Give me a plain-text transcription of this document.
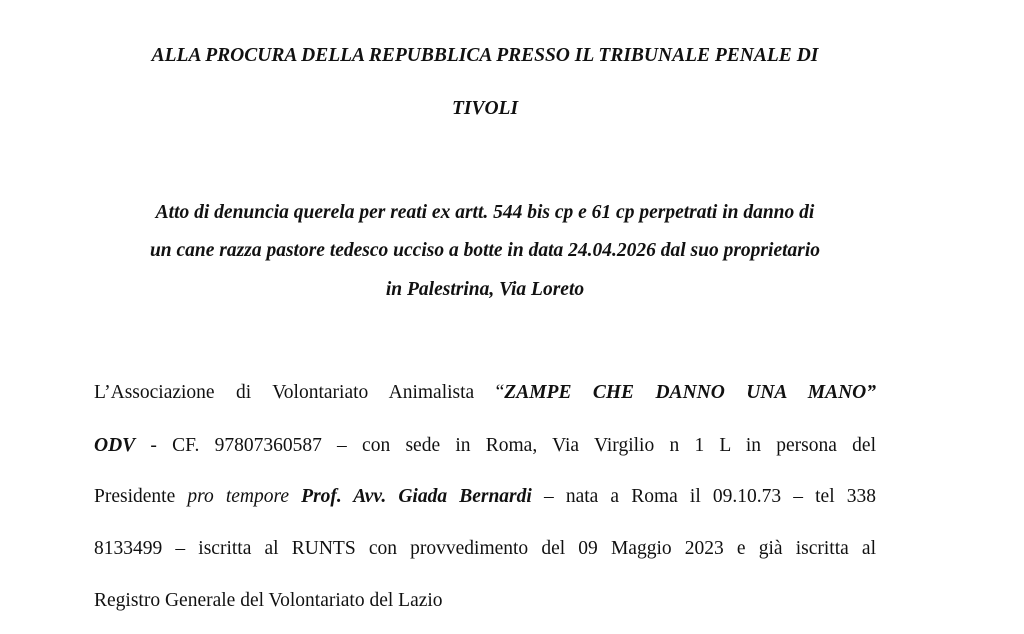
ALLA PROCURA DELLA REPUBBLICA PRESSO IL TRIBUNALE PENALE DI
TIVOLI
Atto di denuncia querela per reati ex artt. 544 bis cp e 61 cp perpetrati in danno di
un cane razza pastore tedesco ucciso a botte in data 24.04.2026 dal suo proprietario
in Palestrina, Via Loreto
L’Associazione di Volontariato Animalista “ZAMPE CHE DANNO UNA MANO”
ODV - CF. 97807360587 – con sede in Roma, Via Virgilio n 1 L in persona del
Presidente pro tempore Prof. Avv. Giada Bernardi – nata a Roma il 09.10.73 – tel 338
8133499 – iscritta al RUNTS con provvedimento del 09 Maggio 2023 e già iscritta al
Registro Generale del Volontariato del Lazio
